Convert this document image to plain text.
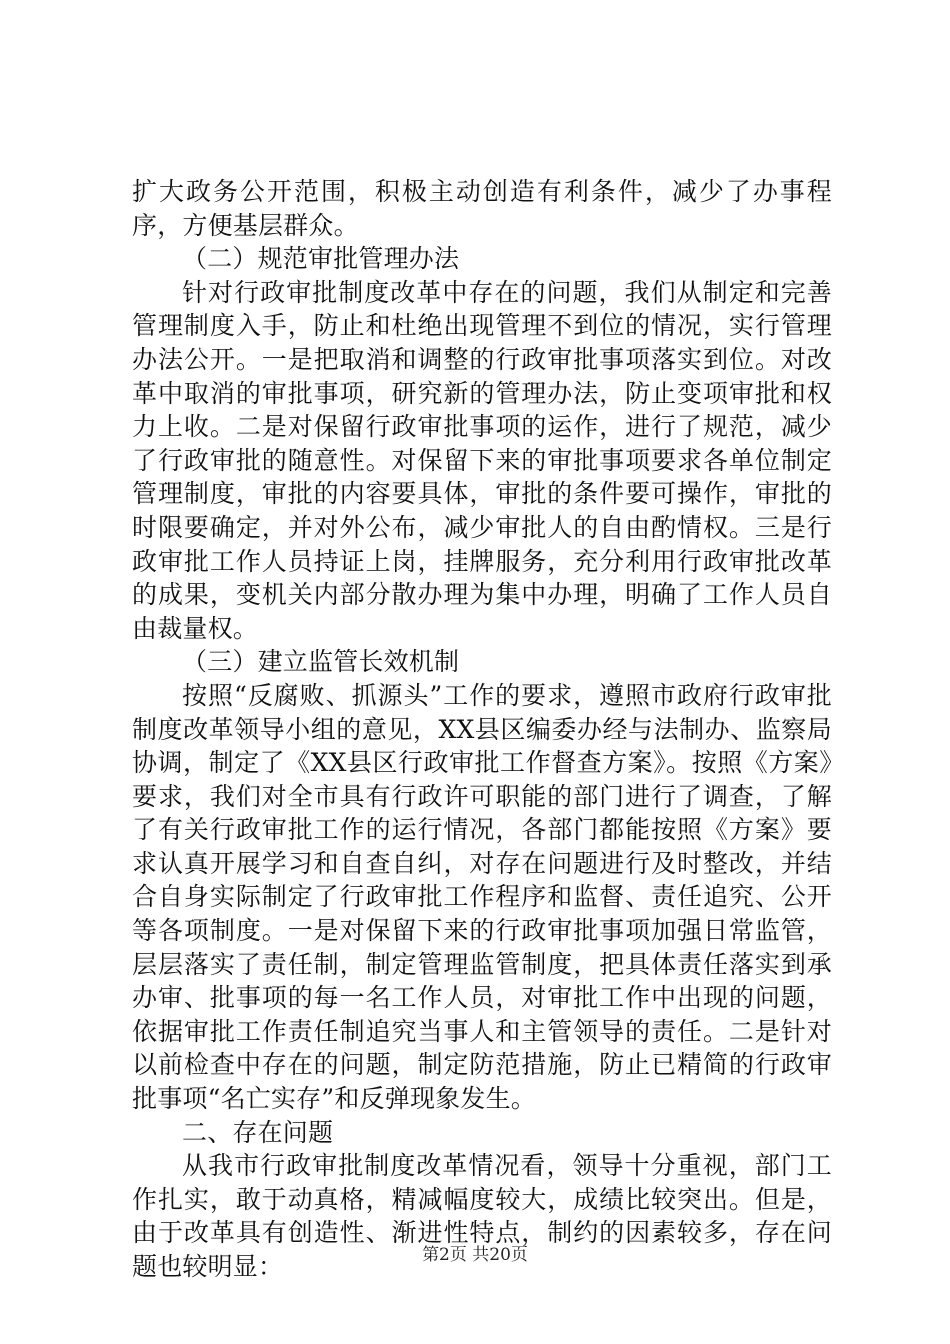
扩大政务公开范围，积极主动创造有利条件，减少了办事程序，方便基层群众。

（二）规范审批管理办法

针对行政审批制度改革中存在的问题，我们从制定和完善管理制度入手，防止和杜绝出现管理不到位的情况，实行管理办法公开。一是把取消和调整的行政审批事项落实到位。对改革中取消的审批事项，研究新的管理办法，防止变项审批和权力上收。二是对保留行政审批事项的运作，进行了规范，减少了行政审批的随意性。对保留下来的审批事项要求各单位制定管理制度，审批的内容要具体，审批的条件要可操作，审批的时限要确定，并对外公布，减少审批人的自由酌情权。三是行政审批工作人员持证上岗，挂牌服务，充分利用行政审批改革的成果，变机关内部分散办理为集中办理，明确了工作人员自由裁量权。

（三）建立监管长效机制

按照“反腐败、抓源头”工作的要求，遵照市政府行政审批制度改革领导小组的意见，XX县区编委办经与法制办、监察局协调，制定了《XX县区行政审批工作督查方案》。按照《方案》要求，我们对全市具有行政许可职能的部门进行了调查，了解了有关行政审批工作的运行情况，各部门都能按照《方案》要求认真开展学习和自查自纠，对存在问题进行及时整改，并结合自身实际制定了行政审批工作程序和监督、责任追究、公开等各项制度。一是对保留下来的行政审批事项加强日常监管，层层落实了责任制，制定管理监管制度，把具体责任落实到承办审、批事项的每一名工作人员，对审批工作中出现的问题，依据审批工作责任制追究当事人和主管领导的责任。二是针对以前检查中存在的问题，制定防范措施，防止已精简的行政审批事项“名亡实存”和反弹现象发生。

二、存在问题

从我市行政审批制度改革情况看，领导十分重视，部门工作扎实，敢于动真格，精减幅度较大，成绩比较突出。但是，由于改革具有创造性、渐进性特点，制约的因素较多，存在问题也较明显：	第2页 共20页
